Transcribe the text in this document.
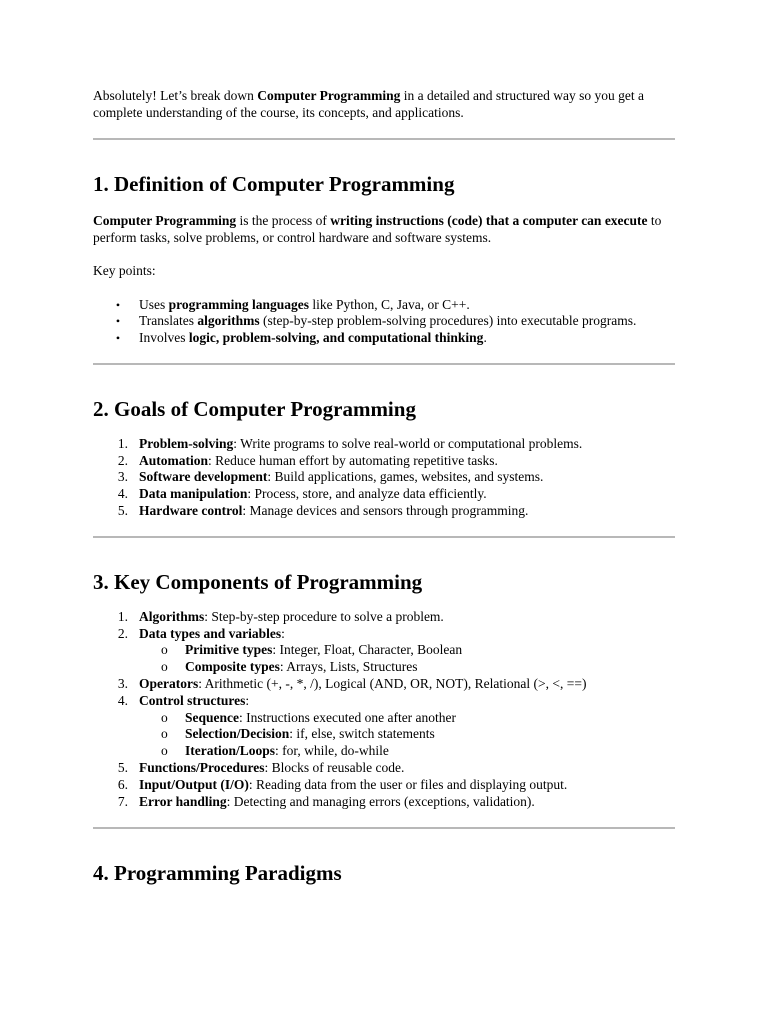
Absolutely! Let’s break down Computer Programming in a detailed and structured way so you get a complete understanding of the course, its concepts, and applications.

1. Definition of Computer Programming

Computer Programming is the process of writing instructions (code) that a computer can execute to perform tasks, solve problems, or control hardware and software systems.

Key points:

• Uses programming languages like Python, C, Java, or C++.
• Translates algorithms (step-by-step problem-solving procedures) into executable programs.
• Involves logic, problem-solving, and computational thinking.
2. Goals of Computer Programming
1. Problem-solving: Write programs to solve real-world or computational problems.
2. Automation: Reduce human effort by automating repetitive tasks.
3. Software development: Build applications, games, websites, and systems.
4. Data manipulation: Process, store, and analyze data efficiently.
5. Hardware control: Manage devices and sensors through programming.
3. Key Components of Programming
1. Algorithms: Step-by-step procedure to solve a problem.
2. Data types and variables:
o Primitive types: Integer, Float, Character, Boolean
o Composite types: Arrays, Lists, Structures
3. Operators: Arithmetic (+, -, *, /), Logical (AND, OR, NOT), Relational (>, <, ==)
4. Control structures:
o Sequence: Instructions executed one after another
o Selection/Decision: if, else, switch statements
o Iteration/Loops: for, while, do-while
5. Functions/Procedures: Blocks of reusable code.
6. Input/Output (I/O): Reading data from the user or files and displaying output.
7. Error handling: Detecting and managing errors (exceptions, validation).
4. Programming Paradigms
